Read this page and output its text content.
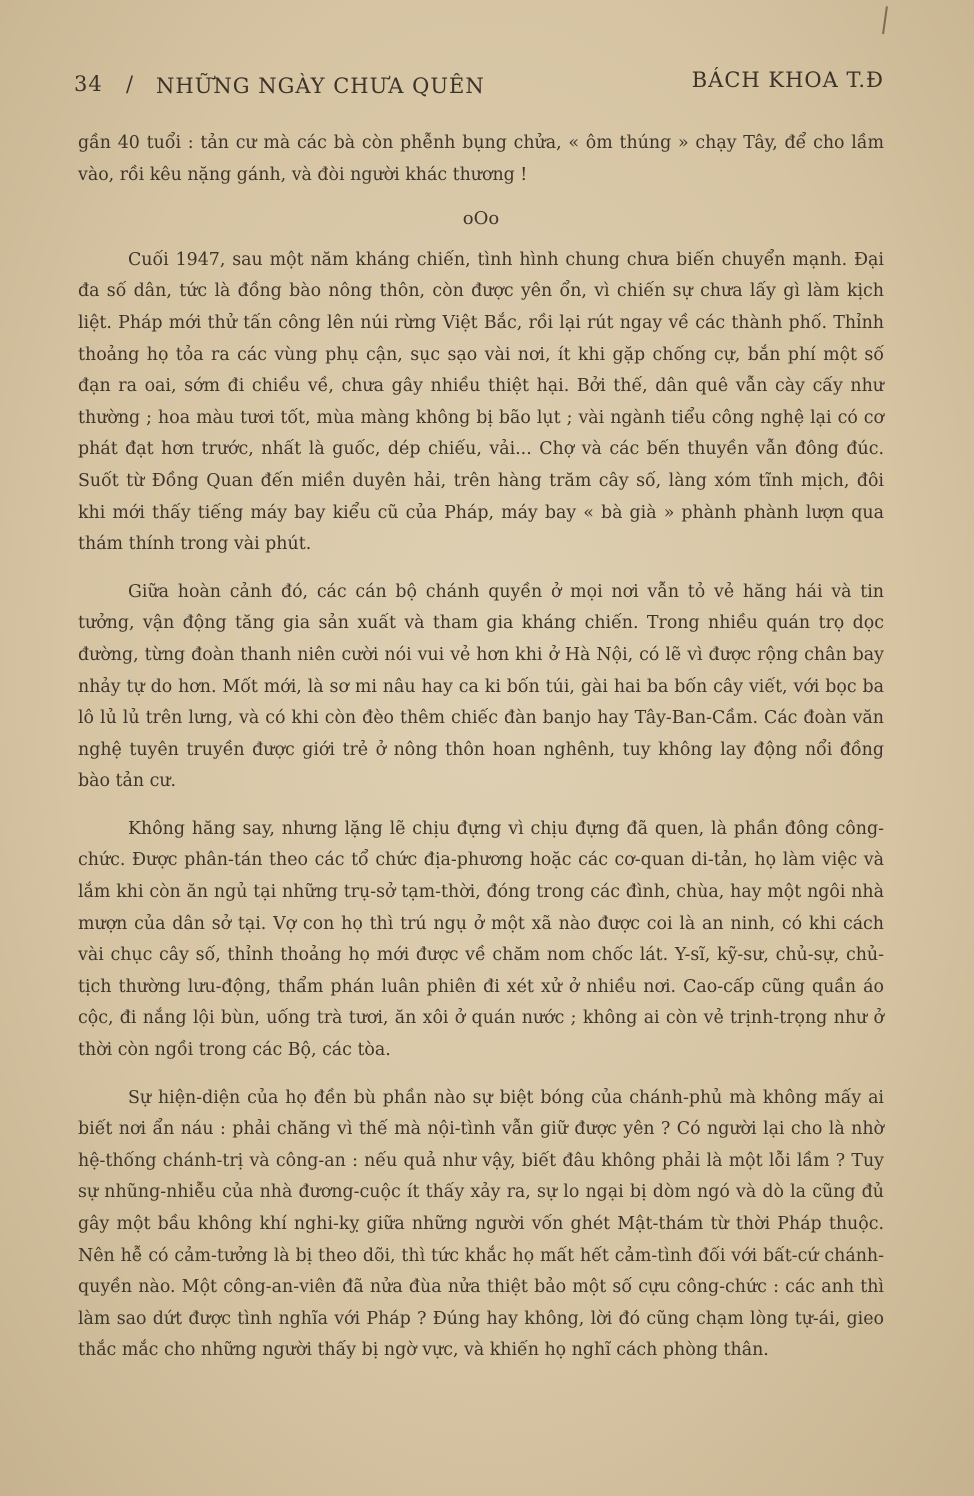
34 / NHỮNG NGÀY CHƯA QUÊN	BÁCH KHOA T.Đ

gần 40 tuổi : tản cư mà các bà còn phễnh bụng chửa, « ôm thúng » chạy Tây, để cho lầm vào, rồi kêu nặng gánh, và đòi người khác thương !

oOo

Cuối 1947, sau một năm kháng chiến, tình hình chung chưa biến chuyển mạnh. Đại đa số dân, tức là đồng bào nông thôn, còn được yên ổn, vì chiến sự chưa lấy gì làm kịch liệt. Pháp mới thử tấn công lên núi rừng Việt Bắc, rồi lại rút ngay về các thành phố. Thỉnh thoảng họ tỏa ra các vùng phụ cận, sục sạo vài nơi, ít khi gặp chống cự, bắn phí một số đạn ra oai, sớm đi chiều về, chưa gây nhiều thiệt hại. Bởi thế, dân quê vẫn cày cấy như thường ; hoa màu tươi tốt, mùa màng không bị bão lụt ; vài ngành tiểu công nghệ lại có cơ phát đạt hơn trước, nhất là guốc, dép chiếu, vải... Chợ và các bến thuyền vẫn đông đúc. Suốt từ Đồng Quan đến miền duyên hải, trên hàng trăm cây số, làng xóm tĩnh mịch, đôi khi mới thấy tiếng máy bay kiểu cũ của Pháp, máy bay « bà già » phành phành lượn qua thám thính trong vài phút.

Giữa hoàn cảnh đó, các cán bộ chánh quyền ở mọi nơi vẫn tỏ vẻ hăng hái và tin tưởng, vận động tăng gia sản xuất và tham gia kháng chiến. Trong nhiều quán trọ dọc đường, từng đoàn thanh niên cười nói vui vẻ hơn khi ở Hà Nội, có lẽ vì được rộng chân bay nhảy tự do hơn. Mốt mới, là sơ mi nâu hay ca ki bốn túi, gài hai ba bốn cây viết, với bọc ba lô lủ lủ trên lưng, và có khi còn đèo thêm chiếc đàn banjo hay Tây-Ban-Cầm. Các đoàn văn nghệ tuyên truyền được giới trẻ ở nông thôn hoan nghênh, tuy không lay động nổi đồng bào tản cư.

Không hăng say, nhưng lặng lẽ chịu đựng vì chịu đựng đã quen, là phần đông công-chức. Được phân-tán theo các tổ chức địa-phương hoặc các cơ-quan di-tản, họ làm việc và lắm khi còn ăn ngủ tại những trụ-sở tạm-thời, đóng trong các đình, chùa, hay một ngôi nhà mượn của dân sở tại. Vợ con họ thì trú ngụ ở một xã nào được coi là an ninh, có khi cách vài chục cây số, thỉnh thoảng họ mới được về chăm nom chốc lát. Y-sĩ, kỹ-sư, chủ-sự, chủ-tịch thường lưu-động, thẩm phán luân phiên đi xét xử ở nhiều nơi. Cao-cấp cũng quần áo cộc, đi nắng lội bùn, uống trà tươi, ăn xôi ở quán nước ; không ai còn vẻ trịnh-trọng như ở thời còn ngồi trong các Bộ, các tòa.

Sự hiện-diện của họ đền bù phần nào sự biệt bóng của chánh-phủ mà không mấy ai biết nơi ẩn náu : phải chăng vì thế mà nội-tình vẫn giữ được yên ? Có người lại cho là nhờ hệ-thống chánh-trị và công-an : nếu quả như vậy, biết đâu không phải là một lỗi lầm ? Tuy sự nhũng-nhiễu của nhà đương-cuộc ít thấy xảy ra, sự lo ngại bị dòm ngó và dò la cũng đủ gây một bầu không khí nghi-kỵ giữa những người vốn ghét Mật-thám từ thời Pháp thuộc. Nên hễ có cảm-tưởng là bị theo dõi, thì tức khắc họ mất hết cảm-tình đối với bất-cứ chánh-quyền nào. Một công-an-viên đã nửa đùa nửa thiệt bảo một số cựu công-chức : các anh thì làm sao dứt được tình nghĩa với Pháp ? Đúng hay không, lời đó cũng chạm lòng tự-ái, gieo thắc mắc cho những người thấy bị ngờ vực, và khiến họ nghĩ cách phòng thân.
